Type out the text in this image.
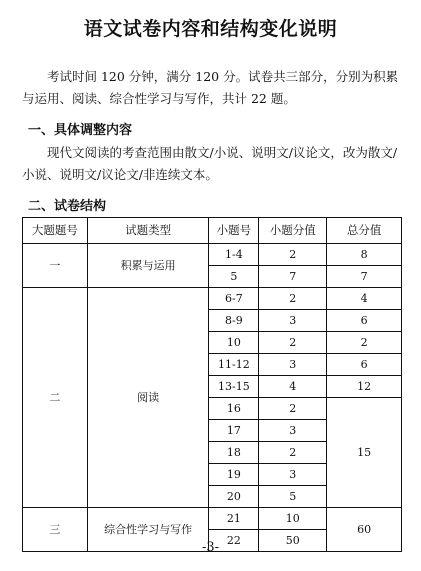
语文试卷内容和结构变化说明
考试时间 120 分钟，满分 120 分。试卷共三部分，分别为积累与运用、阅读、综合性学习与写作，共计 22 题。
一、具体调整内容
现代文阅读的考查范围由散文/小说、说明文/议论文，改为散文/小说、说明文/议论文/非连续文本。
二、试卷结构
大题题号	试题类型	小题号	小题分值	总分值
一	积累与运用	1-4	2	8
		5	7	7
二	阅读	6-7	2	4
		8-9	3	6
		10	2	2
		11-12	3	6
		13-15	4	12
		16	2	15
		17	3	
		18	2	
		19	3	
		20	5	
三	综合性学习与写作	21	10	60
		22	50	
-3-
